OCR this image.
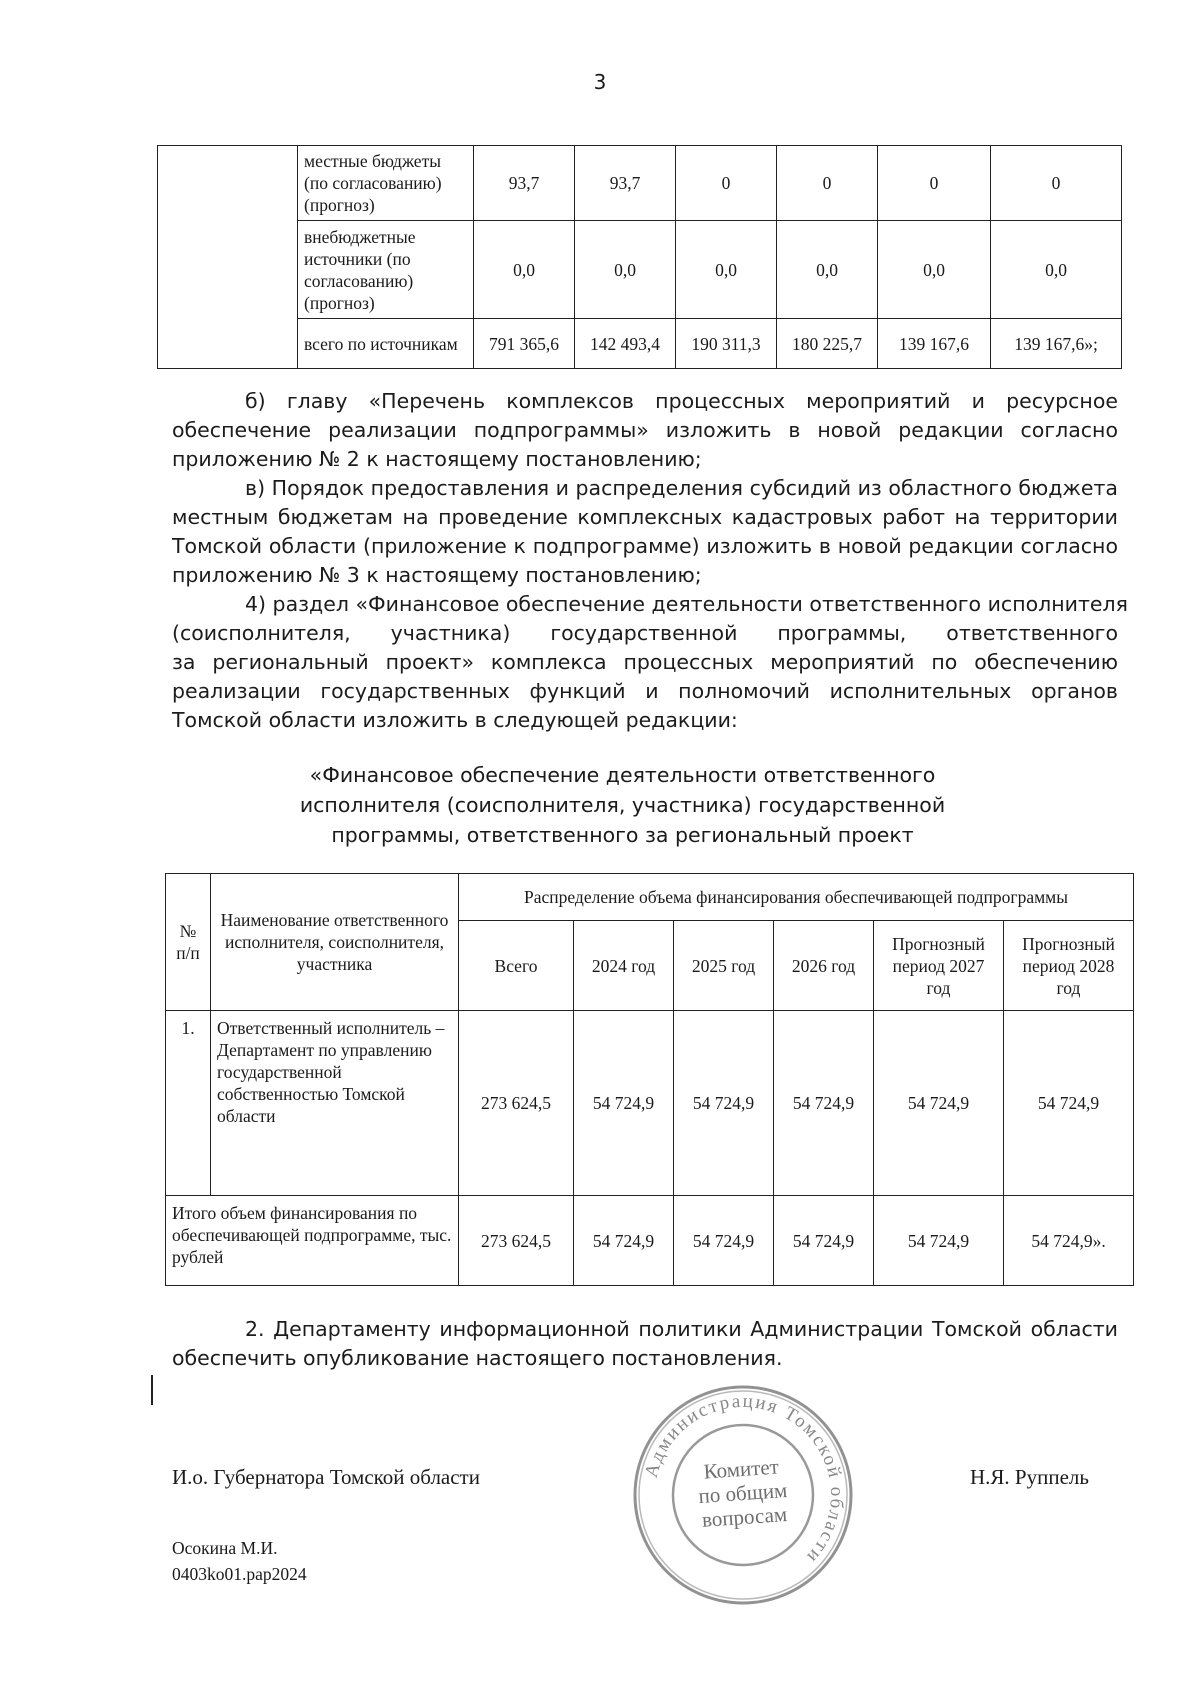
3
	местные бюджеты (по согласованию) (прогноз)	93,7	93,7	0	0	0	0
	внебюджетные источники (по согласованию) (прогноз)	0,0	0,0	0,0	0,0	0,0	0,0
	всего по источникам	791 365,6	142 493,4	190 311,3	180 225,7	139 167,6	139 167,6»;
б) главу «Перечень комплексов процессных мероприятий и ресурсное
обеспечение реализации подпрограммы» изложить в новой редакции согласно
приложению № 2 к настоящему постановлению;
в) Порядок предоставления и распределения субсидий из областного бюджета
местным бюджетам на проведение комплексных кадастровых работ на территории
Томской области (приложение к подпрограмме) изложить в новой редакции согласно
приложению № 3 к настоящему постановлению;
4) раздел «Финансовое обеспечение деятельности ответственного исполнителя
(соисполнителя, участника) государственной программы, ответственного
за региональный проект» комплекса процессных мероприятий по обеспечению
реализации государственных функций и полномочий исполнительных органов
Томской области изложить в следующей редакции:
«Финансовое обеспечение деятельности ответственного
исполнителя (соисполнителя, участника) государственной
программы, ответственного за региональный проект
№ п/п	Наименование ответственного исполнителя, соисполнителя, участника	Распределение объема финансирования обеспечивающей подпрограммы					
		Всего	2024 год	2025 год	2026 год	Прогнозный период 2027 год	Прогнозный период 2028 год
1.	Ответственный исполнитель – Департамент по управлению государственной собственностью Томской области	273 624,5	54 724,9	54 724,9	54 724,9	54 724,9	54 724,9
Итого объем финансирования по обеспечивающей подпрограмме, тыс. рублей		273 624,5	54 724,9	54 724,9	54 724,9	54 724,9	54 724,9».
2. Департаменту информационной политики Администрации Томской области
обеспечить опубликование настоящего постановления.
И.о. Губернатора Томской области	Н.Я. Руппель
Администрация Томской области
Комитет
по общим
вопросам
Осокина М.И.
0403ko01.pap2024
